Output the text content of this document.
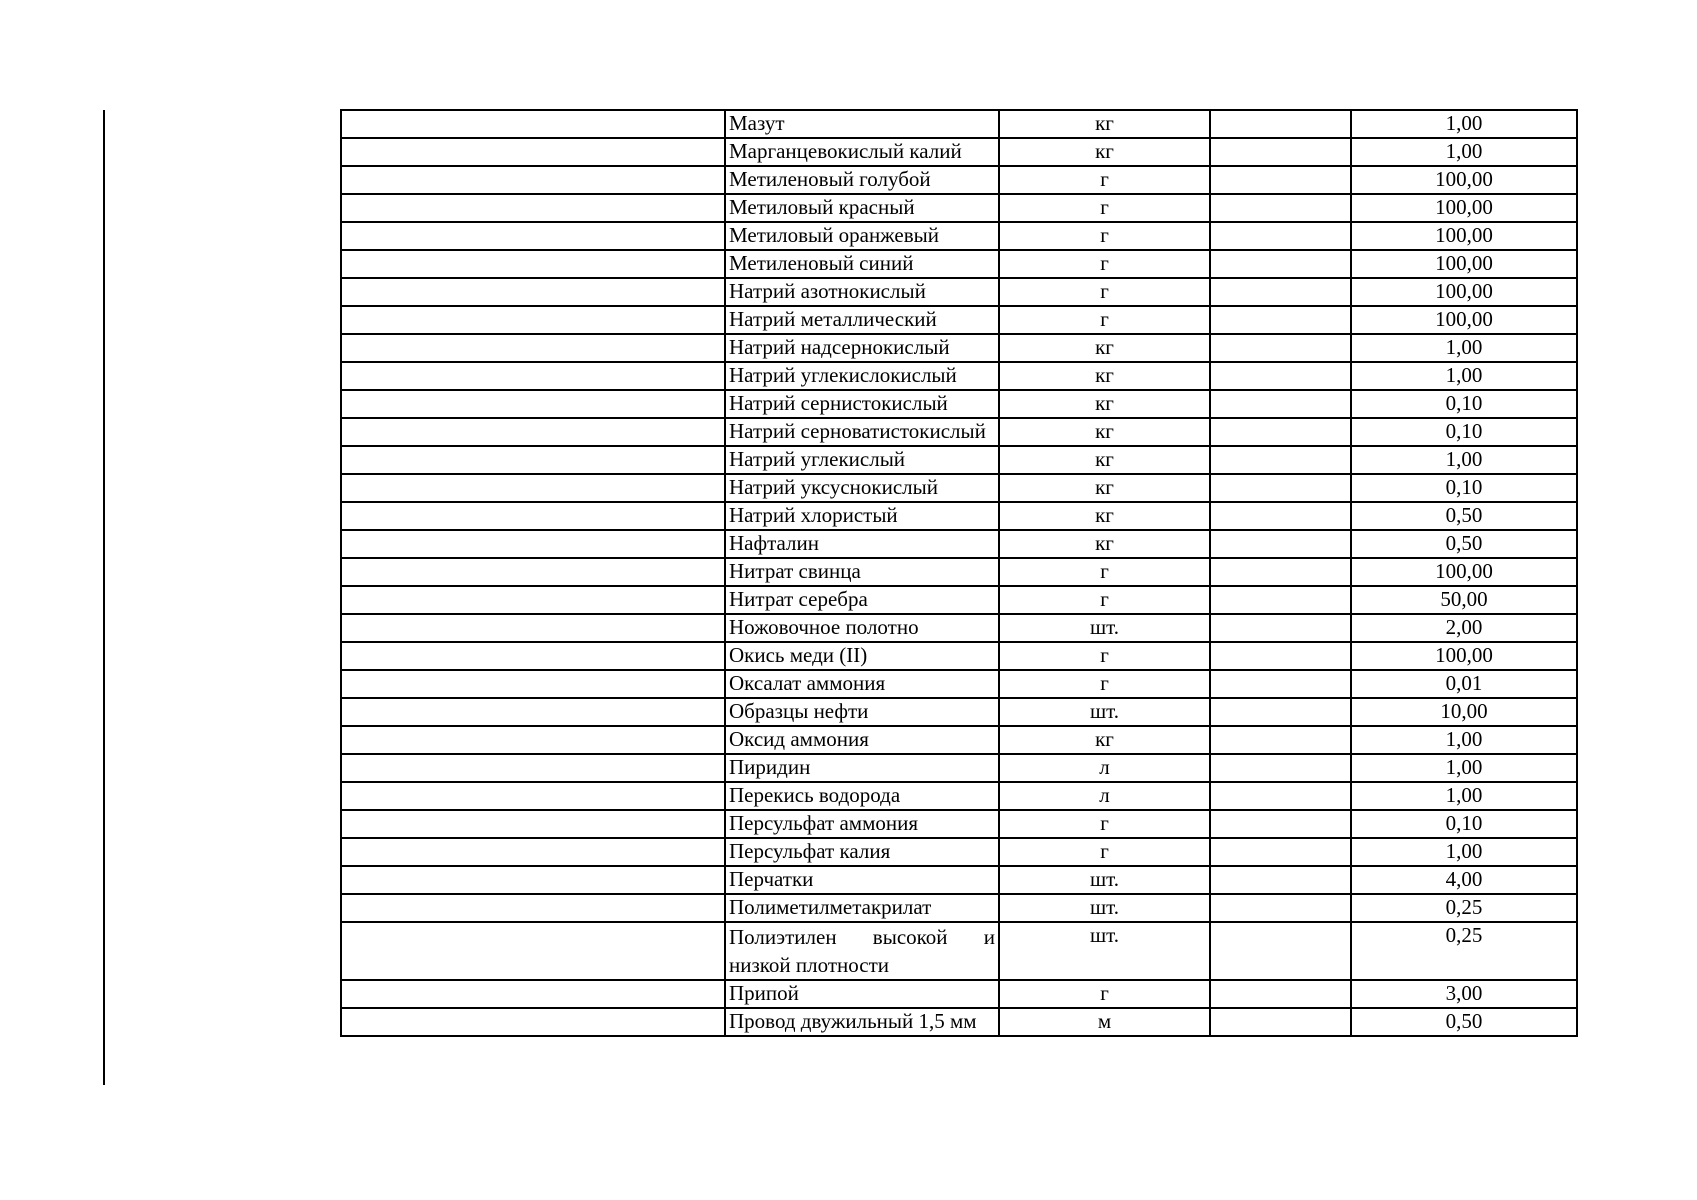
	Мазут	кг		1,00
	Марганцевокислый калий	кг		1,00
	Метиленовый голубой	г		100,00
	Метиловый красный	г		100,00
	Метиловый оранжевый	г		100,00
	Метиленовый синий	г		100,00
	Натрий азотнокислый	г		100,00
	Натрий металлический	г		100,00
	Натрий надсернокислый	кг		1,00
	Натрий углекислокислый	кг		1,00
	Натрий сернистокислый	кг		0,10
	Натрий серноватистокислый	кг		0,10
	Натрий углекислый	кг		1,00
	Натрий уксуснокислый	кг		0,10
	Натрий хлористый	кг		0,50
	Нафталин	кг		0,50
	Нитрат свинца	г		100,00
	Нитрат серебра	г		50,00
	Ножовочное полотно	шт.		2,00
	Окись меди (II)	г		100,00
	Оксалат аммония	г		0,01
	Образцы нефти	шт.		10,00
	Оксид аммония	кг		1,00
	Пиридин	л		1,00
	Перекись водорода	л		1,00
	Персульфат аммония	г		0,10
	Персульфат калия	г		1,00
	Перчатки	шт.		4,00
	Полиметилметакрилат	шт.		0,25

	Полиэтилен высокой и низкой плотности	шт.		0,25
	Припой	г		3,00
	Провод двужильный 1,5 мм	м		0,50
